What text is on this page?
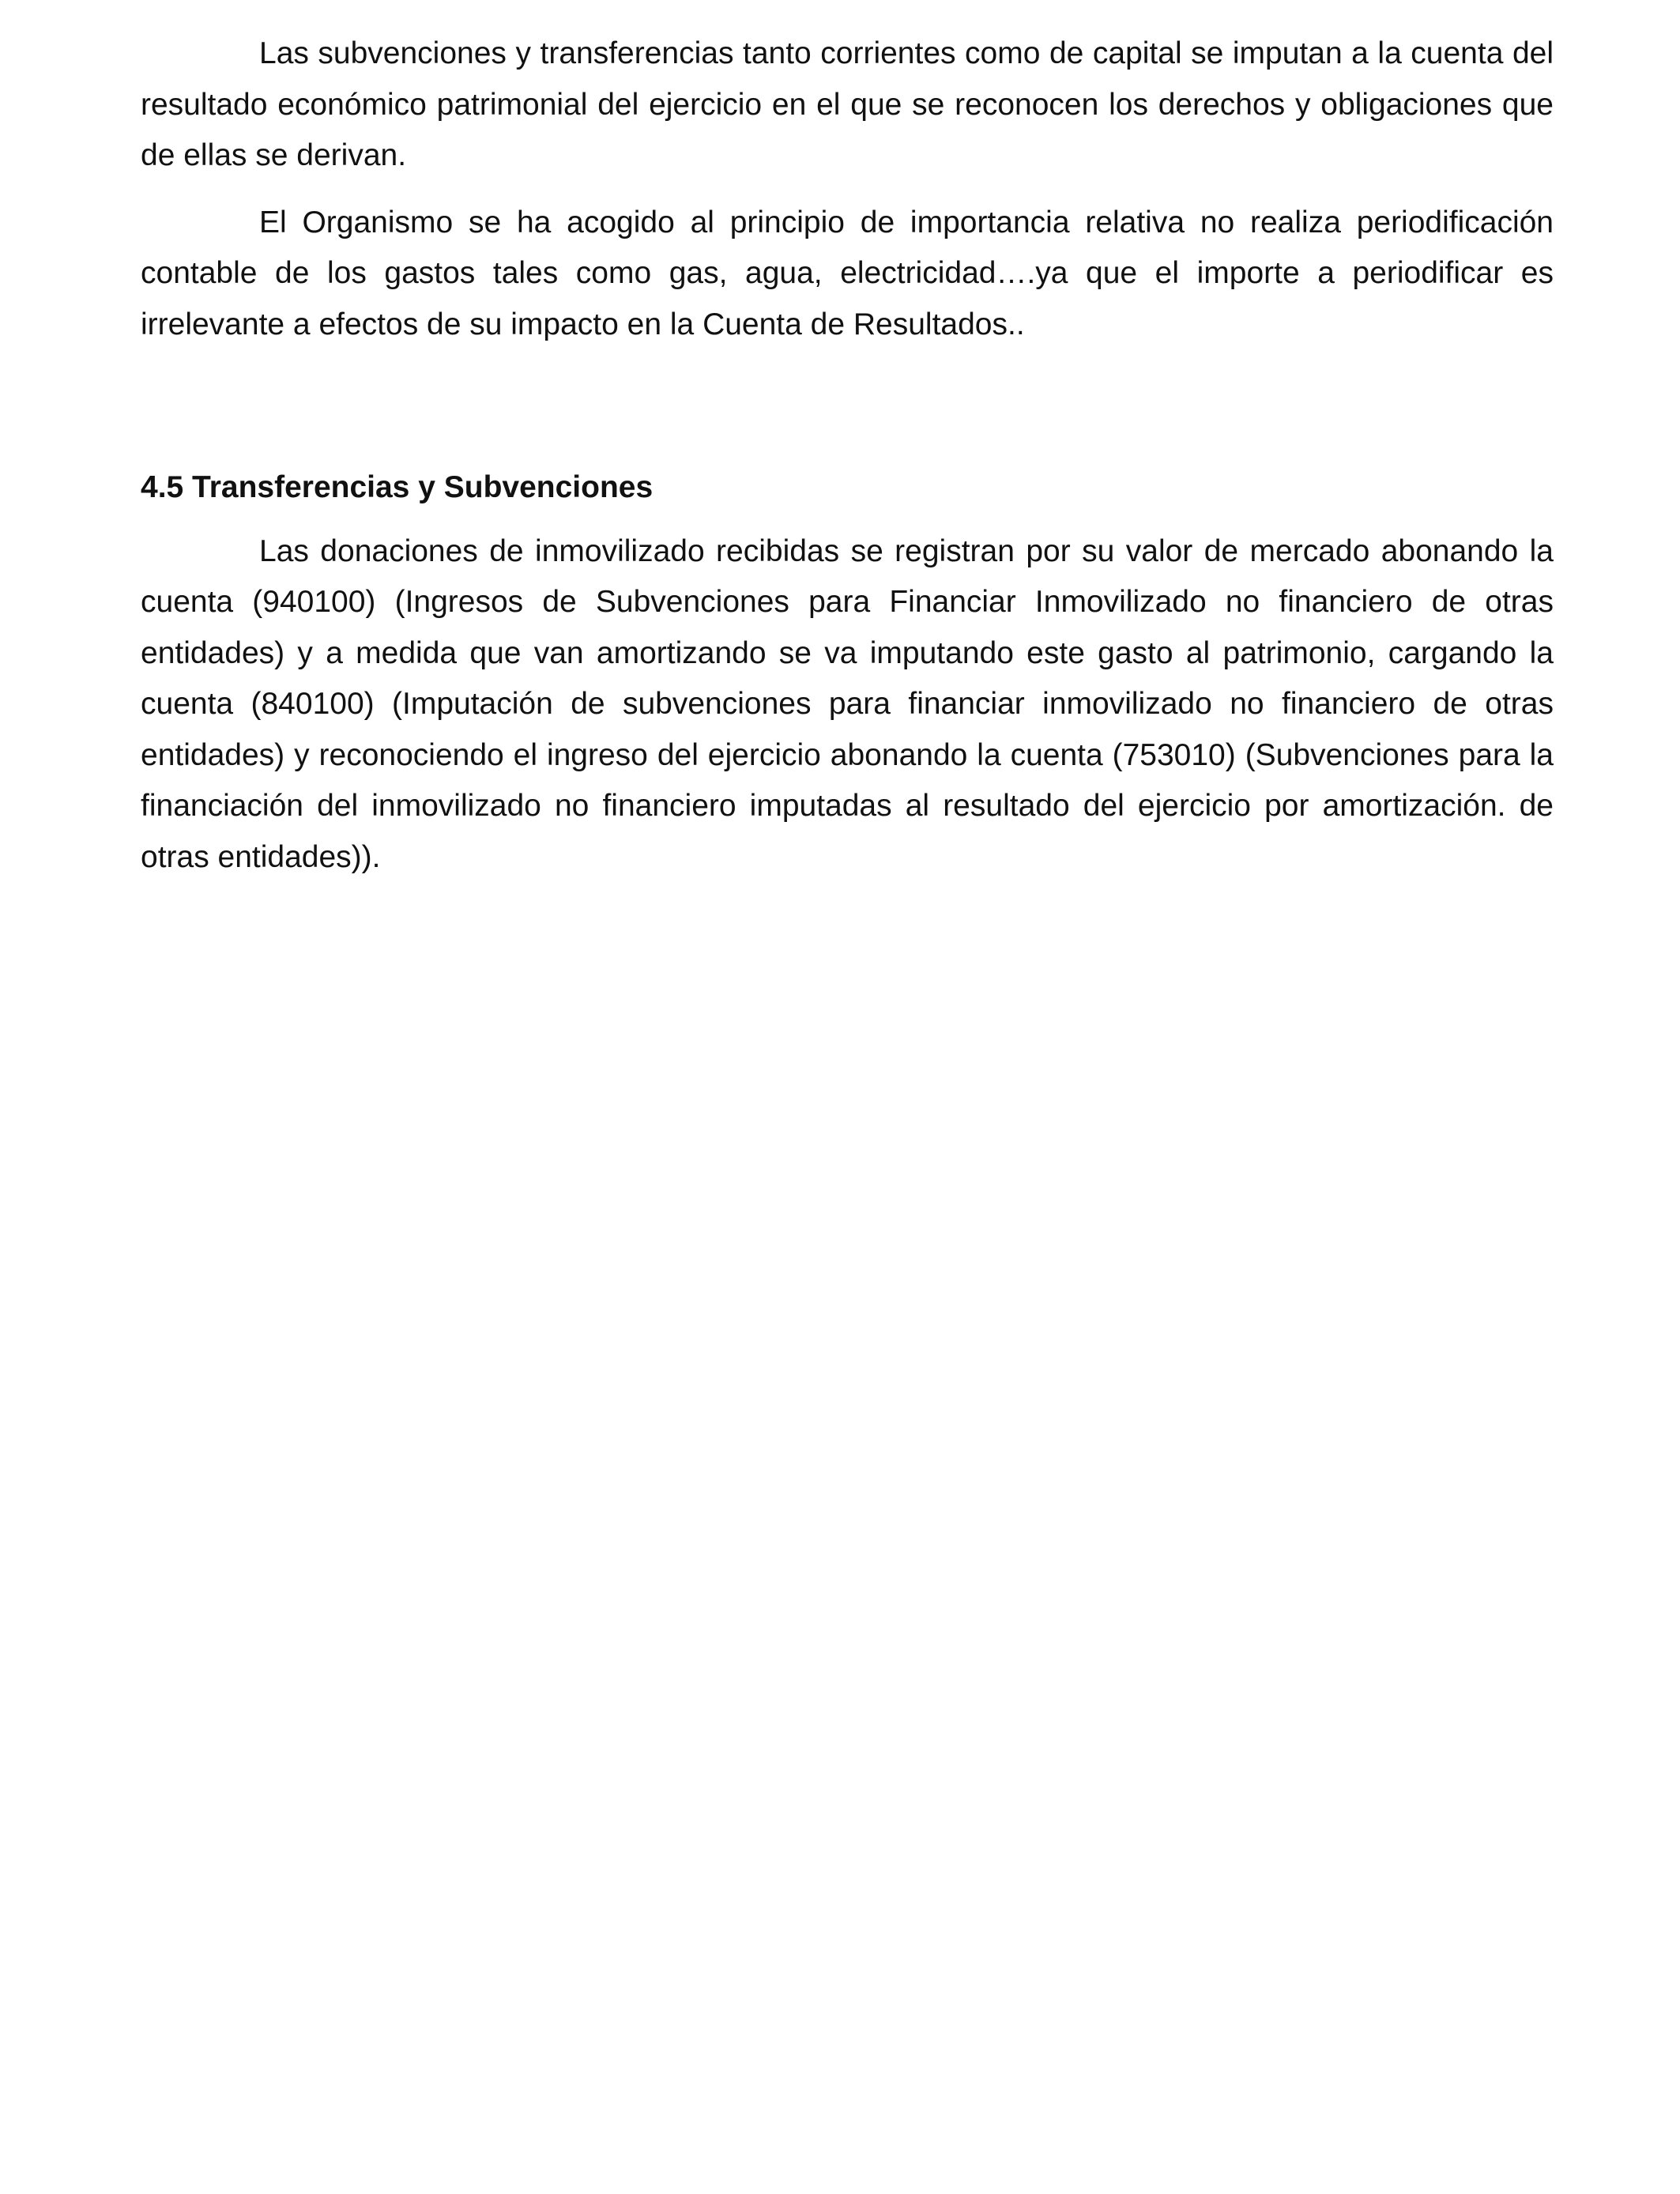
Las subvenciones y transferencias tanto corrientes como de capital se imputan a la cuenta del resultado económico patrimonial del ejercicio en el que se reconocen los derechos y obligaciones que de ellas se derivan.

El Organismo se ha acogido al principio de importancia relativa no realiza periodificación contable de los gastos tales como gas, agua, electricidad….ya que el importe a periodificar es irrelevante a efectos de su impacto en la Cuenta de Resultados..

4.5 Transferencias y Subvenciones

Las donaciones de inmovilizado recibidas se registran por su valor de mercado abonando la cuenta (940100) (Ingresos de Subvenciones para Financiar Inmovilizado no financiero de otras entidades) y a medida que van amortizando se va imputando este gasto al patrimonio, cargando la cuenta (840100) (Imputación de subvenciones para financiar inmovilizado no financiero de otras entidades) y reconociendo el ingreso del ejercicio abonando la cuenta (753010) (Subvenciones para la financiación del inmovilizado no financiero imputadas al resultado del ejercicio por amortización. de otras entidades)).
